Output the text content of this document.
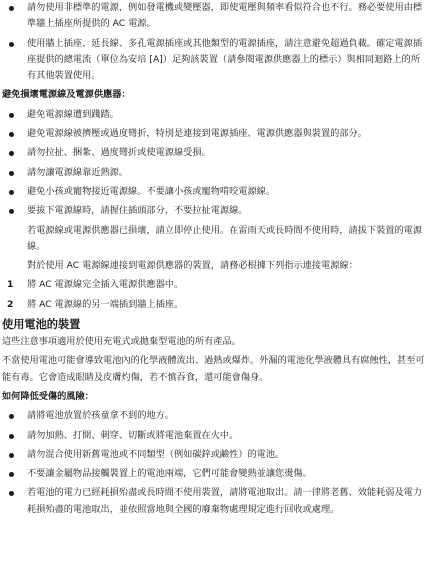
請勿使用非標準的電源，例如發電機或變壓器，即使電壓與頻率看似符合也不行。務必要使用由標準牆上插座所提供的 AC 電源。
使用牆上插座、延長線、多孔電源插座或其他類型的電源插座，請注意避免超過負載。確定電源插座提供的總電流（單位為安培 [A]）足夠該裝置（請參閱電源供應器上的標示）與相同迴路上的所有其他裝置使用。
避免損壞電源線及電源供應器：
避免電源線遭到踐踏。
避免電源線被擠壓或過度彎折，特別是連接到電源插座、電源供應器與裝置的部分。
請勿拉扯、捆紮、過度彎折或使電源線受損。
請勿讓電源線靠近熱源。
避免小孩或寵物接近電源線。不要讓小孩或寵物啃咬電源線。
要拔下電源線時，請握住插頭部分，不要拉扯電源線。
若電源線或電源供應器已損壞，請立即停止使用。在雷雨天或長時間不使用時，請拔下裝置的電源線。
對於使用 AC 電源線連接到電源供應器的裝置，請務必根據下列指示連接電源線：
1 將 AC 電源線完全插入電源供應器中。
2 將 AC 電源線的另一端插到牆上插座。
使用電池的裝置
這些注意事項適用於使用充電式或拋棄型電池的所有產品。
不當使用電池可能會導致電池內的化學液體流出、過熱或爆炸。外漏的電池化學液體具有腐蝕性，甚至可能有毒。它會造成眼睛及皮膚灼傷，若不慎吞食，還可能會傷身。
如何降低受傷的風險：
請將電池放置於孩童拿不到的地方。
請勿加熱、打開、刺穿、切斷或將電池棄置在火中。
請勿混合使用新舊電池或不同類型（例如碳鋅或鹼性）的電池。
不要讓金屬物品接觸裝置上的電池兩端，它們可能會變熱並讓您燙傷。
若電池的電力已經耗損殆盡或長時間不使用裝置，請將電池取出。請一律將老舊、效能耗弱及電力耗損殆盡的電池取出，並依照當地與全國的廢棄物處理規定進行回收或處理。
